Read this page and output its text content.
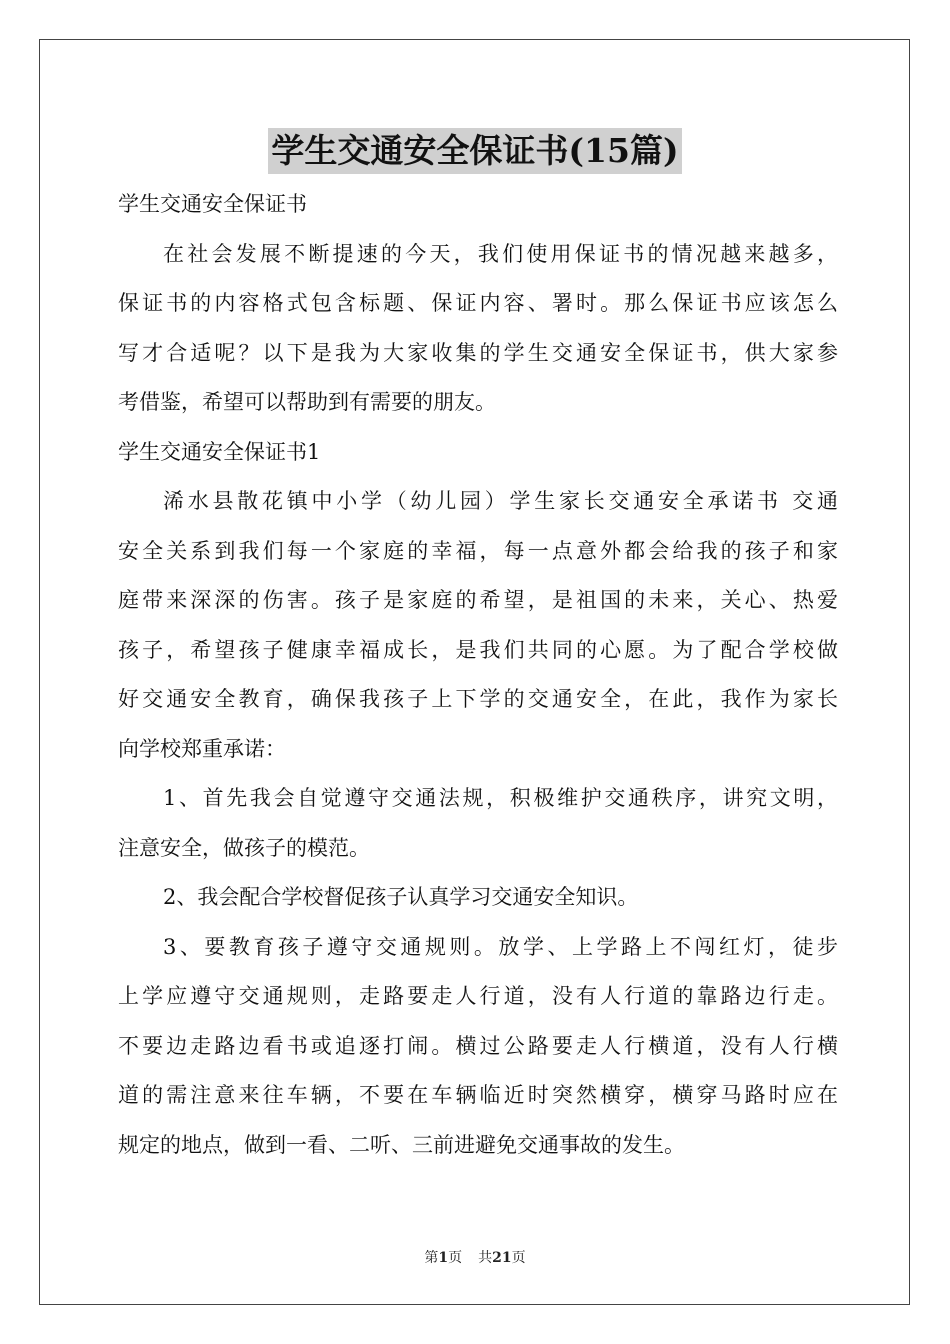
学生交通安全保证书(15篇)

学生交通安全保证书

在社会发展不断提速的今天，我们使用保证书的情况越来越多，

保证书的内容格式包含标题、保证内容、署时。那么保证书应该怎么

写才合适呢？以下是我为大家收集的学生交通安全保证书，供大家参

考借鉴，希望可以帮助到有需要的朋友。

学生交通安全保证书1

浠水县散花镇中小学（幼儿园）学生家长交通安全承诺书 交通

安全关系到我们每一个家庭的幸福，每一点意外都会给我的孩子和家

庭带来深深的伤害。孩子是家庭的希望，是祖国的未来，关心、热爱

孩子，希望孩子健康幸福成长，是我们共同的心愿。为了配合学校做

好交通安全教育，确保我孩子上下学的交通安全，在此，我作为家长

向学校郑重承诺：

1、首先我会自觉遵守交通法规，积极维护交通秩序，讲究文明，

注意安全，做孩子的模范。

2、我会配合学校督促孩子认真学习交通安全知识。

3、要教育孩子遵守交通规则。放学、上学路上不闯红灯，徒步

上学应遵守交通规则，走路要走人行道，没有人行道的靠路边行走。

不要边走路边看书或追逐打闹。横过公路要走人行横道，没有人行横

道的需注意来往车辆，不要在车辆临近时突然横穿，横穿马路时应在

规定的地点，做到一看、二听、三前进避免交通事故的发生。

第1页 共21页
